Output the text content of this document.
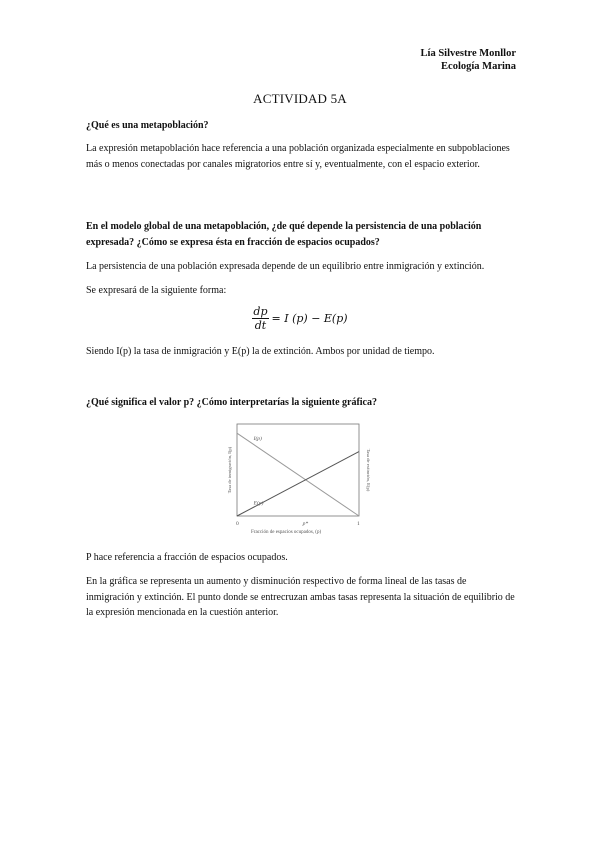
Lía Silvestre Monllor
Ecología Marina
ACTIVIDAD 5A

¿Qué es una metapoblación?

La expresión metapoblación hace referencia a una población organizada especialmente en subpoblaciones más o menos conectadas por canales migratorios entre sí y, eventualmente, con el espacio exterior.

En el modelo global de una metapoblación, ¿de qué depende la persistencia de una población expresada? ¿Cómo se expresa ésta en fracción de espacios ocupados?

La persistencia de una población expresada depende de un equilibrio entre inmigración y extinción.

Se expresará de la siguiente forma:

$\frac{dp}{dt} = I$ (p) − E(p)

Siendo I(p) la tasa de inmigración y E(p) la de extinción. Ambos por unidad de tiempo.

¿Qué significa el valor p? ¿Cómo interpretarías la siguiente gráfica?

I(p)
E(p)
0	p*	1
Fracción de espacios ocupados, (p)
Tasa de inmigración, I(p)	Tasa de extinción, E(p)

P hace referencia a fracción de espacios ocupados.

En la gráfica se representa un aumento y disminución respectivo de forma lineal de las tasas de inmigración y extinción. El punto donde se entrecruzan ambas tasas representa la situación de equilibrio de la expresión mencionada en la cuestión anterior.
